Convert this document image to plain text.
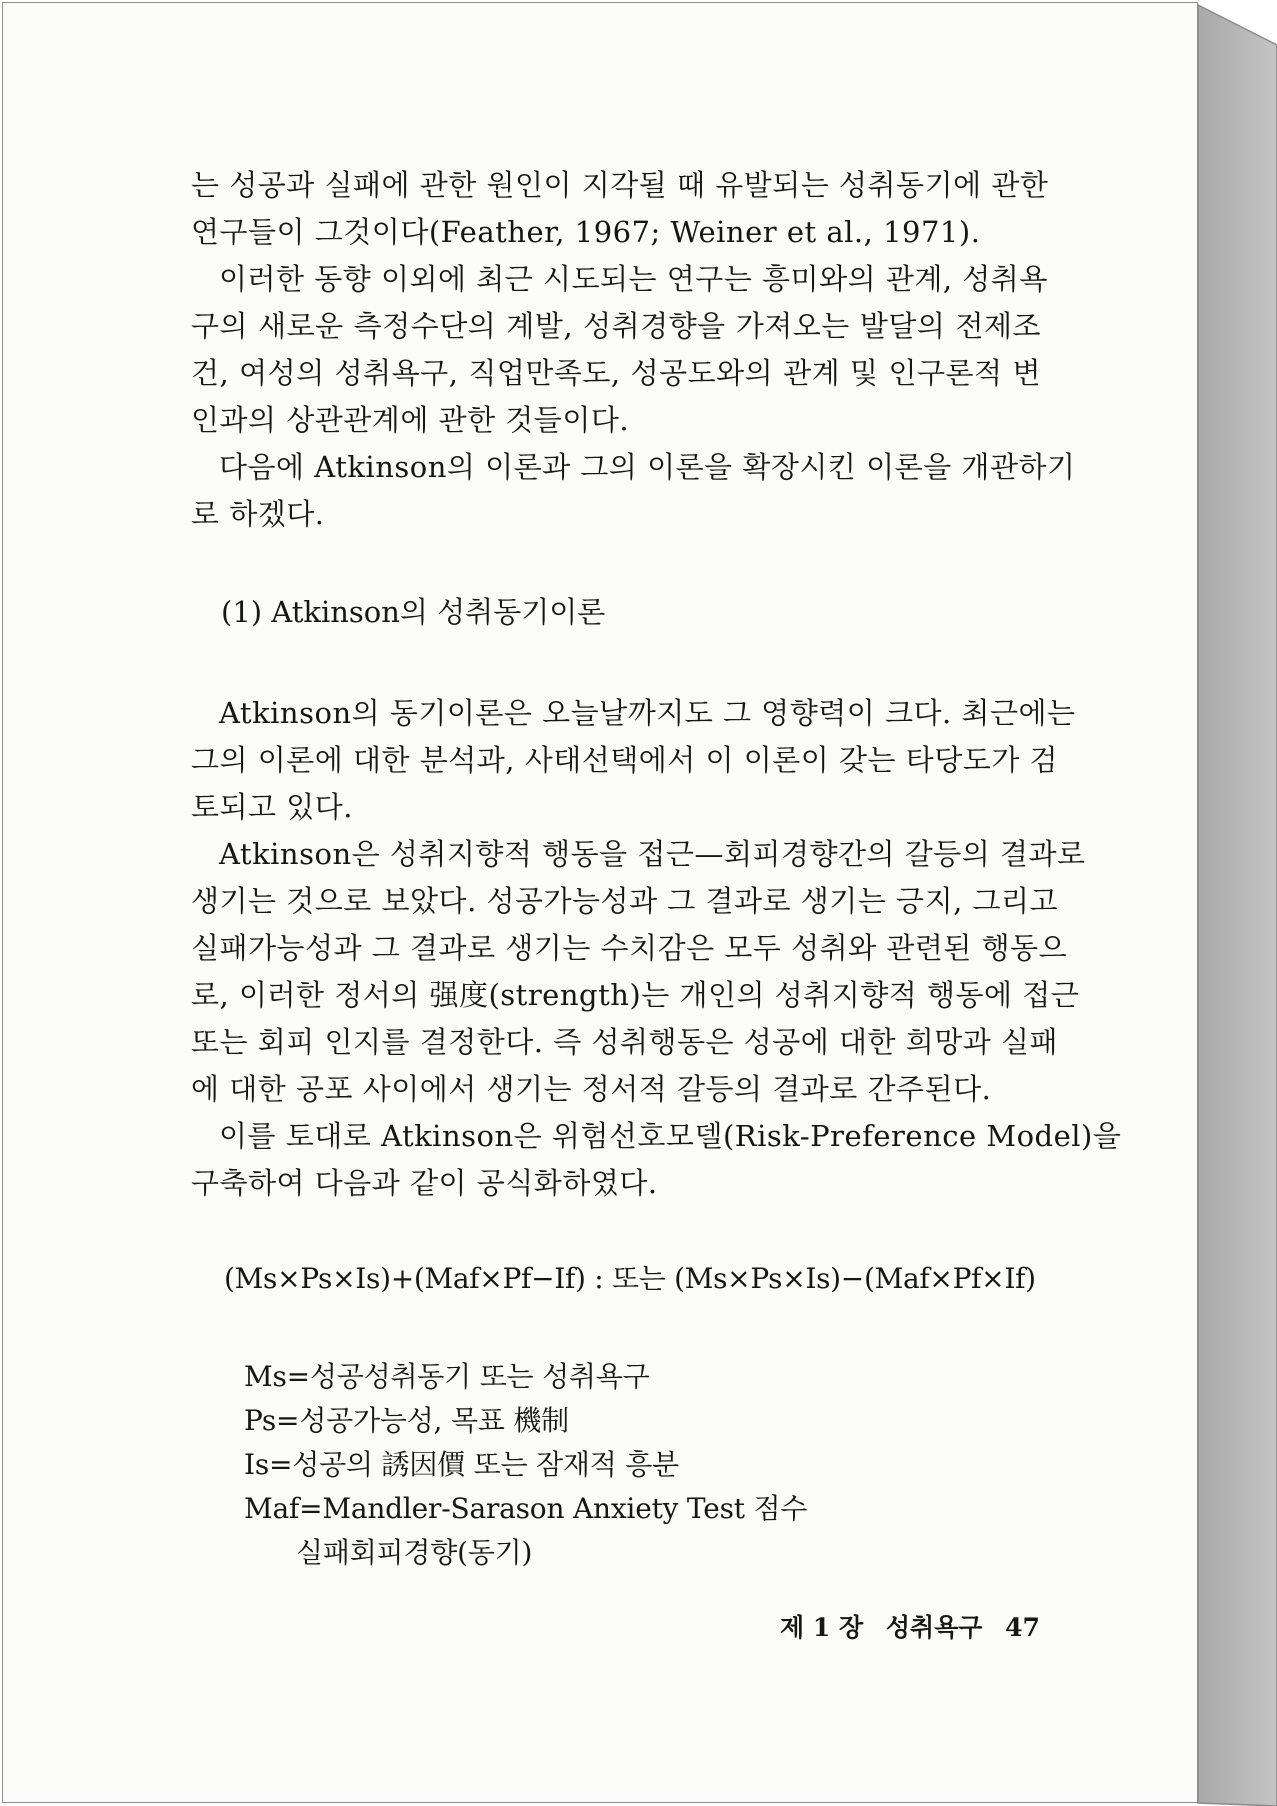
는 성공과 실패에 관한 원인이 지각될 때 유발되는 성취동기에 관한
연구들이 그것이다(Feather, 1967; Weiner et al., 1971).
이러한 동향 이외에 최근 시도되는 연구는 흥미와의 관계, 성취욕
구의 새로운 측정수단의 계발, 성취경향을 가져오는 발달의 전제조
건, 여성의 성취욕구, 직업만족도, 성공도와의 관계 및 인구론적 변
인과의 상관관계에 관한 것들이다.
다음에 Atkinson의 이론과 그의 이론을 확장시킨 이론을 개관하기
로 하겠다.
(1) Atkinson의 성취동기이론
Atkinson의 동기이론은 오늘날까지도 그 영향력이 크다. 최근에는
그의 이론에 대한 분석과, 사태선택에서 이 이론이 갖는 타당도가 검
토되고 있다.
Atkinson은 성취지향적 행동을 접근—회피경향간의 갈등의 결과로
생기는 것으로 보았다. 성공가능성과 그 결과로 생기는 긍지, 그리고
실패가능성과 그 결과로 생기는 수치감은 모두 성취와 관련된 행동으
로, 이러한 정서의 强度(strength)는 개인의 성취지향적 행동에 접근
또는 회피 인지를 결정한다. 즉 성취행동은 성공에 대한 희망과 실패
에 대한 공포 사이에서 생기는 정서적 갈등의 결과로 간주된다.
이를 토대로 Atkinson은 위험선호모델(Risk-Preference Model)을
구축하여 다음과 같이 공식화하였다.
(Ms×Ps×Is)+(Maf×Pf−If) : 또는 (Ms×Ps×Is)−(Maf×Pf×If)
Ms=성공성취동기 또는 성취욕구
Ps=성공가능성, 목표 機制
Is=성공의 誘因價 또는 잠재적 흥분
Maf=Mandler-Sarason Anxiety Test 점수
실패회피경향(동기)
제 1 장 성취욕구 47
